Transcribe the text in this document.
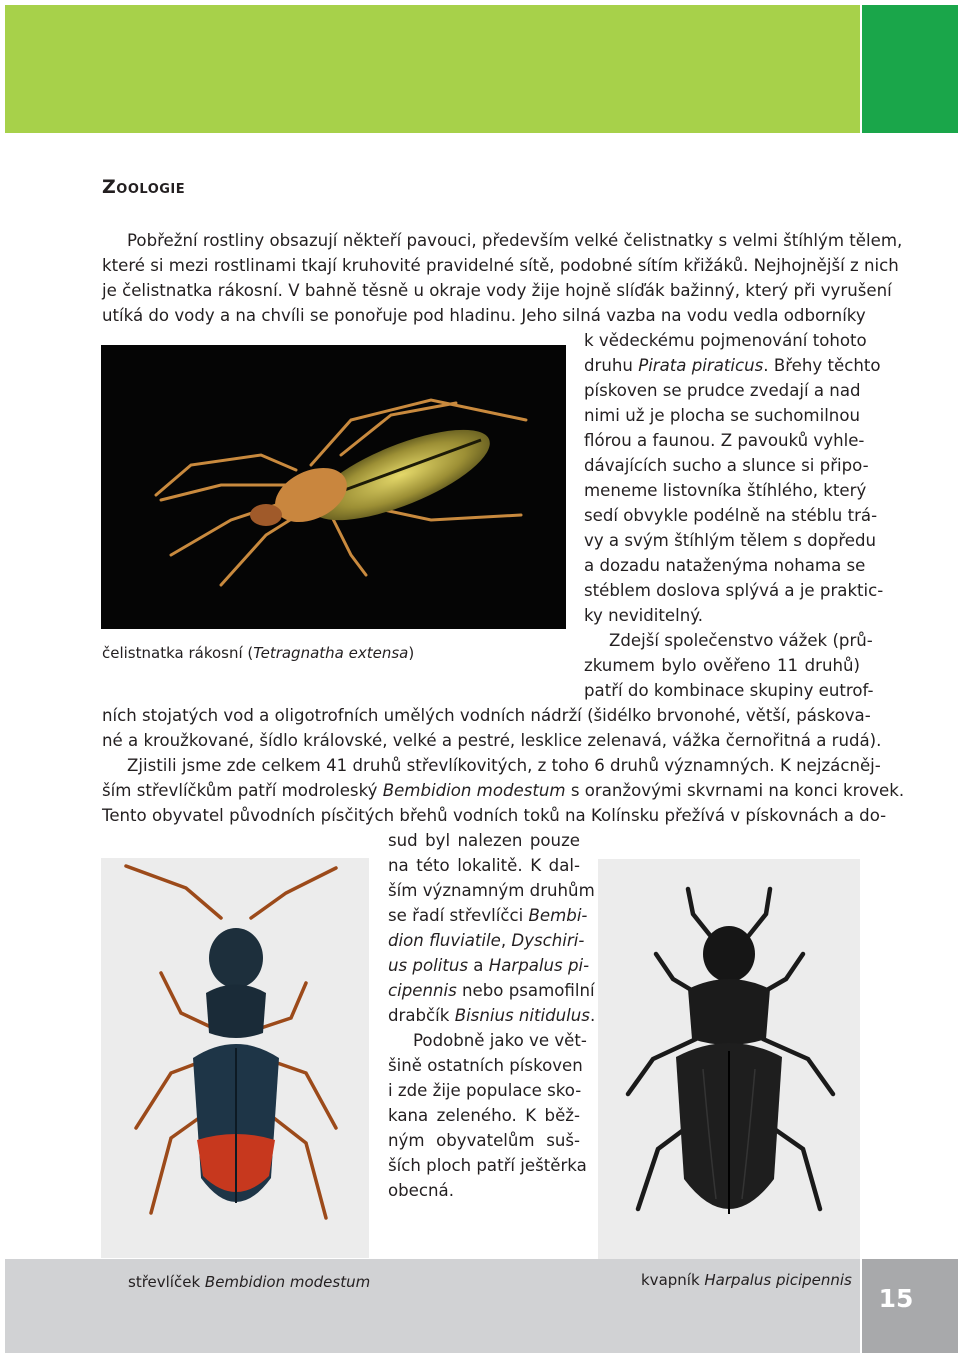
Zoologie
Pobřežní rostliny obsazují někteří pavouci, především velké čelistnatky s velmi štíhlým tělem,
které si mezi rostlinami tkají kruhovité pravidelné sítě, podobné sítím křižáků. Nejhojnější z nich
je čelistnatka rákosní. V bahně těsně u okraje vody žije hojně slíďák bažinný, který při vyrušení
utíká do vody a na chvíli se ponořuje pod hladinu. Jeho silná vazba na vodu vedla odborníky
k vědeckému pojmenování tohoto
druhu Pirata piraticus. Břehy těchto
pískoven se prudce zvedají a nad
nimi už je plocha se suchomilnou
flórou a faunou. Z pavouků vyhle-
dávajících sucho a slunce si připo-
meneme listovníka štíhlého, který
sedí obvykle podélně na stéblu trá-
vy a svým štíhlým tělem s dopředu
a dozadu nataženýma nohama se
stéblem doslova splývá a je praktic-
ky neviditelný.
Zdejší společenstvo vážek (prů-
zkumem bylo ověřeno 11 druhů)
patří do kombinace skupiny eutrof-
ních stojatých vod a oligotrofních umělých vodních nádrží (šidélko brvonohé, větší, páskova-
né a kroužkované, šídlo královské, velké a pestré, lesklice zelenavá, vážka černořitná a rudá).
Zjistili jsme zde celkem 41 druhů střevlíkovitých, z toho 6 druhů významných. K nejzácněj-
ším střevlíčkům patří modroleský Bembidion modestum s oranžovými skvrnami na konci krovek.
Tento obyvatel původních písčitých břehů vodních toků na Kolínsku přežívá v pískovnách a do-
sud byl nalezen pouze
na této lokalitě. K dal-
ším významným druhům
se řadí střevlíčci Bembi-
dion fluviatile, Dyschiri-
us politus a Harpalus pi-
cipennis nebo psamofilní
drabčík Bisnius nitidulus.
Podobně jako ve vět-
šině ostatních pískoven
i zde žije populace sko-
kana zeleného. K běž-
ným obyvatelům suš-
ších ploch patří ještěrka
obecná.
čelistnatka rákosní (Tetragnatha extensa)
střevlíček Bembidion modestum	kvapník Harpalus picipennis
15
